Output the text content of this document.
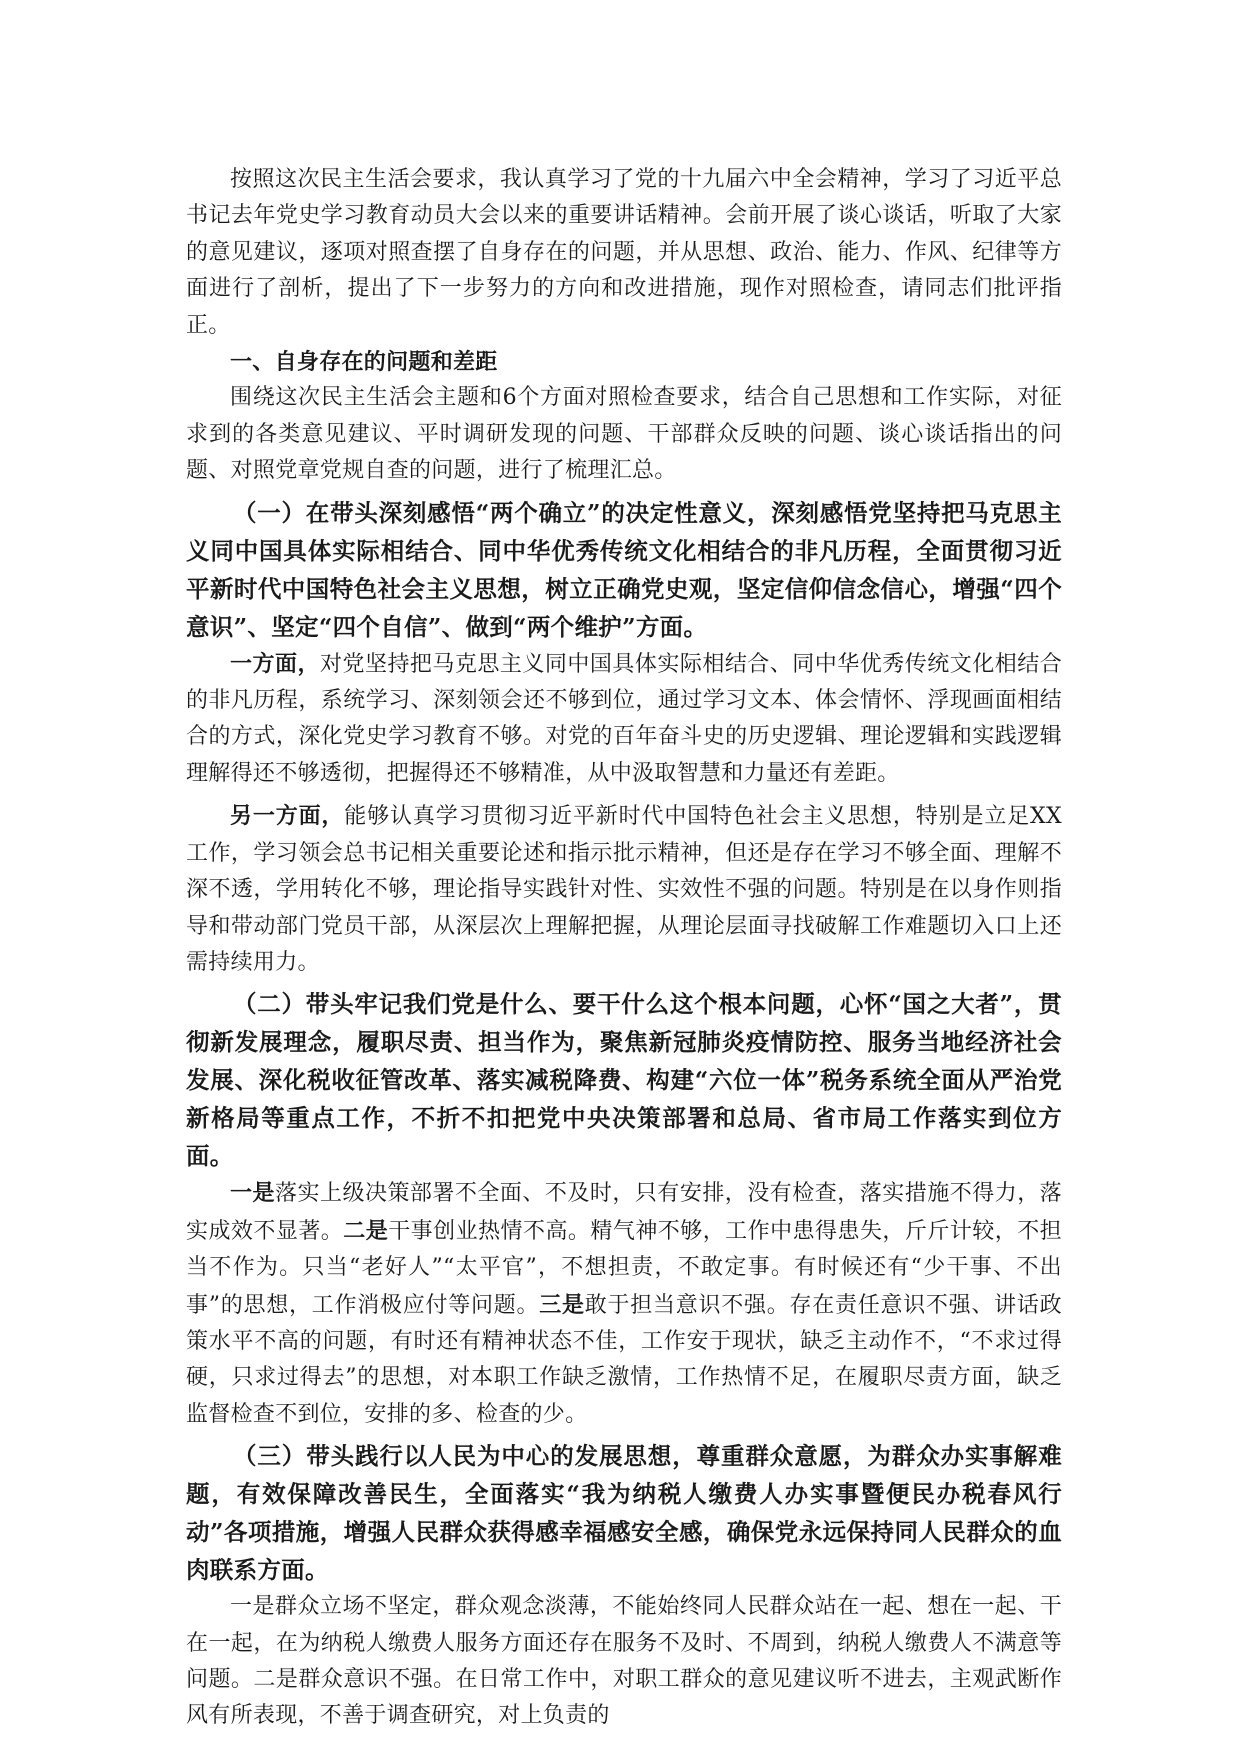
按照这次民主生活会要求，我认真学习了党的十九届六中全会精神，学习了习近平总书记去年党史学习教育动员大会以来的重要讲话精神。会前开展了谈心谈话，听取了大家的意见建议，逐项对照查摆了自身存在的问题，并从思想、政治、能力、作风、纪律等方面进行了剖析，提出了下一步努力的方向和改进措施，现作对照检查，请同志们批评指正。

一、自身存在的问题和差距

围绕这次民主生活会主题和6个方面对照检查要求，结合自己思想和工作实际，对征求到的各类意见建议、平时调研发现的问题、干部群众反映的问题、谈心谈话指出的问题、对照党章党规自查的问题，进行了梳理汇总。

（一）在带头深刻感悟“两个确立”的决定性意义，深刻感悟党坚持把马克思主义同中国具体实际相结合、同中华优秀传统文化相结合的非凡历程，全面贯彻习近平新时代中国特色社会主义思想，树立正确党史观，坚定信仰信念信心，增强“四个意识”、坚定“四个自信”、做到“两个维护”方面。

一方面，对党坚持把马克思主义同中国具体实际相结合、同中华优秀传统文化相结合的非凡历程，系统学习、深刻领会还不够到位，通过学习文本、体会情怀、浮现画面相结合的方式，深化党史学习教育不够。对党的百年奋斗史的历史逻辑、理论逻辑和实践逻辑理解得还不够透彻，把握得还不够精准，从中汲取智慧和力量还有差距。

另一方面，能够认真学习贯彻习近平新时代中国特色社会主义思想，特别是立足XX工作，学习领会总书记相关重要论述和指示批示精神，但还是存在学习不够全面、理解不深不透，学用转化不够，理论指导实践针对性、实效性不强的问题。特别是在以身作则指导和带动部门党员干部，从深层次上理解把握，从理论层面寻找破解工作难题切入口上还需持续用力。

（二）带头牢记我们党是什么、要干什么这个根本问题，心怀“国之大者”，贯彻新发展理念，履职尽责、担当作为，聚焦新冠肺炎疫情防控、服务当地经济社会发展、深化税收征管改革、落实减税降费、构建“六位一体”税务系统全面从严治党新格局等重点工作，不折不扣把党中央决策部署和总局、省市局工作落实到位方面。

一是落实上级决策部署不全面、不及时，只有安排，没有检查，落实措施不得力，落实成效不显著。二是干事创业热情不高。精气神不够，工作中患得患失，斤斤计较，不担当不作为。只当“老好人”“太平官”，不想担责，不敢定事。有时候还有“少干事、不出事”的思想，工作消极应付等问题。三是敢于担当意识不强。存在责任意识不强、讲话政策水平不高的问题，有时还有精神状态不佳，工作安于现状，缺乏主动作不，“不求过得硬，只求过得去”的思想，对本职工作缺乏激情，工作热情不足，在履职尽责方面，缺乏监督检查不到位，安排的多、检查的少。

（三）带头践行以人民为中心的发展思想，尊重群众意愿，为群众办实事解难题，有效保障改善民生，全面落实“我为纳税人缴费人办实事暨便民办税春风行动”各项措施，增强人民群众获得感幸福感安全感，确保党永远保持同人民群众的血肉联系方面。

一是群众立场不坚定，群众观念淡薄，不能始终同人民群众站在一起、想在一起、干在一起，在为纳税人缴费人服务方面还存在服务不及时、不周到，纳税人缴费人不满意等问题。二是群众意识不强。在日常工作中，对职工群众的意见建议听不进去，主观武断作风有所表现，不善于调查研究，对上负责的
